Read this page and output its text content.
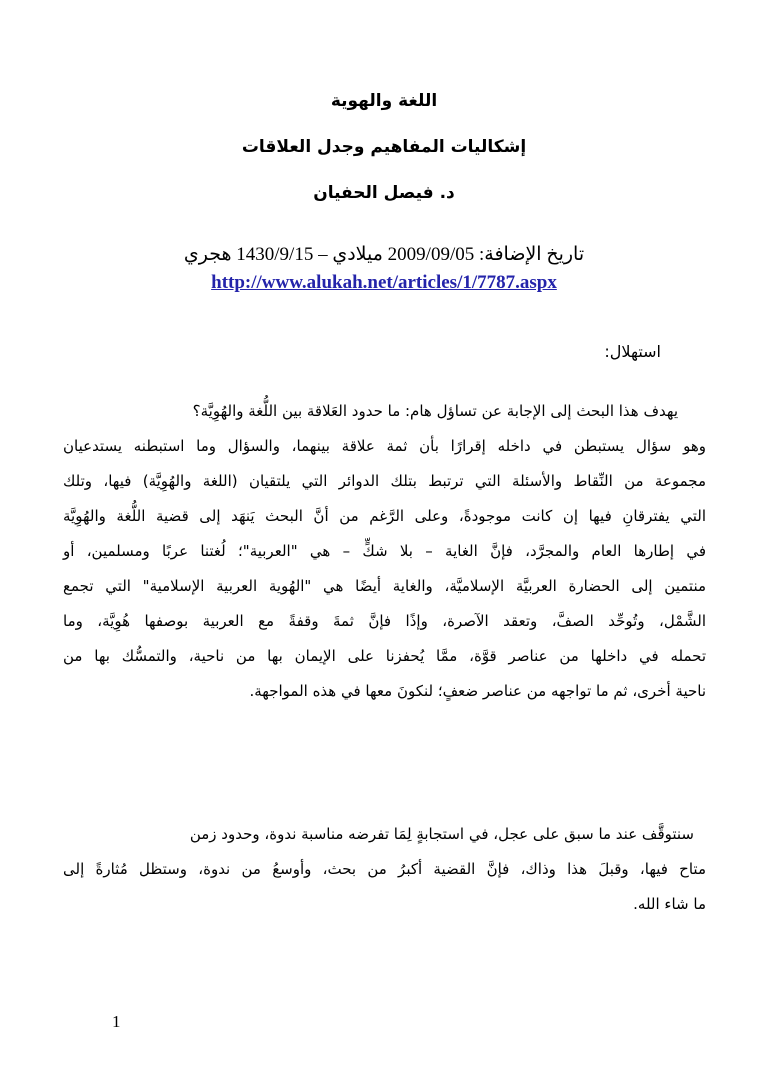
اللغة والهوية
إشكاليات المفاهيم وجدل العلاقات
د. فيصل الحفيان
تاريخ الإضافة: 2009/09/05 ميلادي – 1430/9/15 هجري
http://www.alukah.net/articles/1/7787.aspx
استهلال:
يهدف هذا البحث إلى الإجابة عن تساؤل هام: ما حدود العَلاقة بين اللُّغة والهُوِيَّة؟
وهو سؤال يستبطن في داخله إقرارًا بأن ثمة علاقة بينهما، والسؤال وما استبطنه يستدعيان
مجموعة من النِّقاط والأسئلة التي ترتبط بتلك الدوائر التي يلتقيان (اللغة والهُوِيَّة) فيها، وتلك
التي يفترقانِ فيها إن كانت موجودةً، وعلى الرَّغم من أنَّ البحث يَنهَد إلى قضية اللُّغة والهُوِيَّة
في إطارها العام والمجرَّد، فإنَّ الغاية – بلا شكٍّ – هي "العربية"؛ لُغتنا عربًا ومسلمين، أو
منتمين إلى الحضارة العربيَّة الإسلاميَّة، والغاية أيضًا هي "الهُوية العربية الإسلامية" التي تجمع
الشَّمْل، وتُوحِّد الصفَّ، وتعقد الآصرة، وإذًا فإنَّ ثمةَ وقفةً مع العربية بوصفها هُوِيَّة، وما
تحمله في داخلها من عناصر قوَّة، ممَّا يُحفزنا على الإيمان بها من ناحية، والتمسُّك بها من
ناحية أخرى، ثم ما تواجهه من عناصر ضعفٍ؛ لنكونَ معها في هذه المواجهة.
سنتوقَّف عند ما سبق على عجل، في استجابةٍ لِمَا تفرضه مناسبة ندوة، وحدود زمن
متاح فيها، وقبلَ هذا وذاك، فإنَّ القضية أكبرُ من بحث، وأوسعُ من ندوة، وستظل مُثارةً إلى
ما شاء الله.
1
